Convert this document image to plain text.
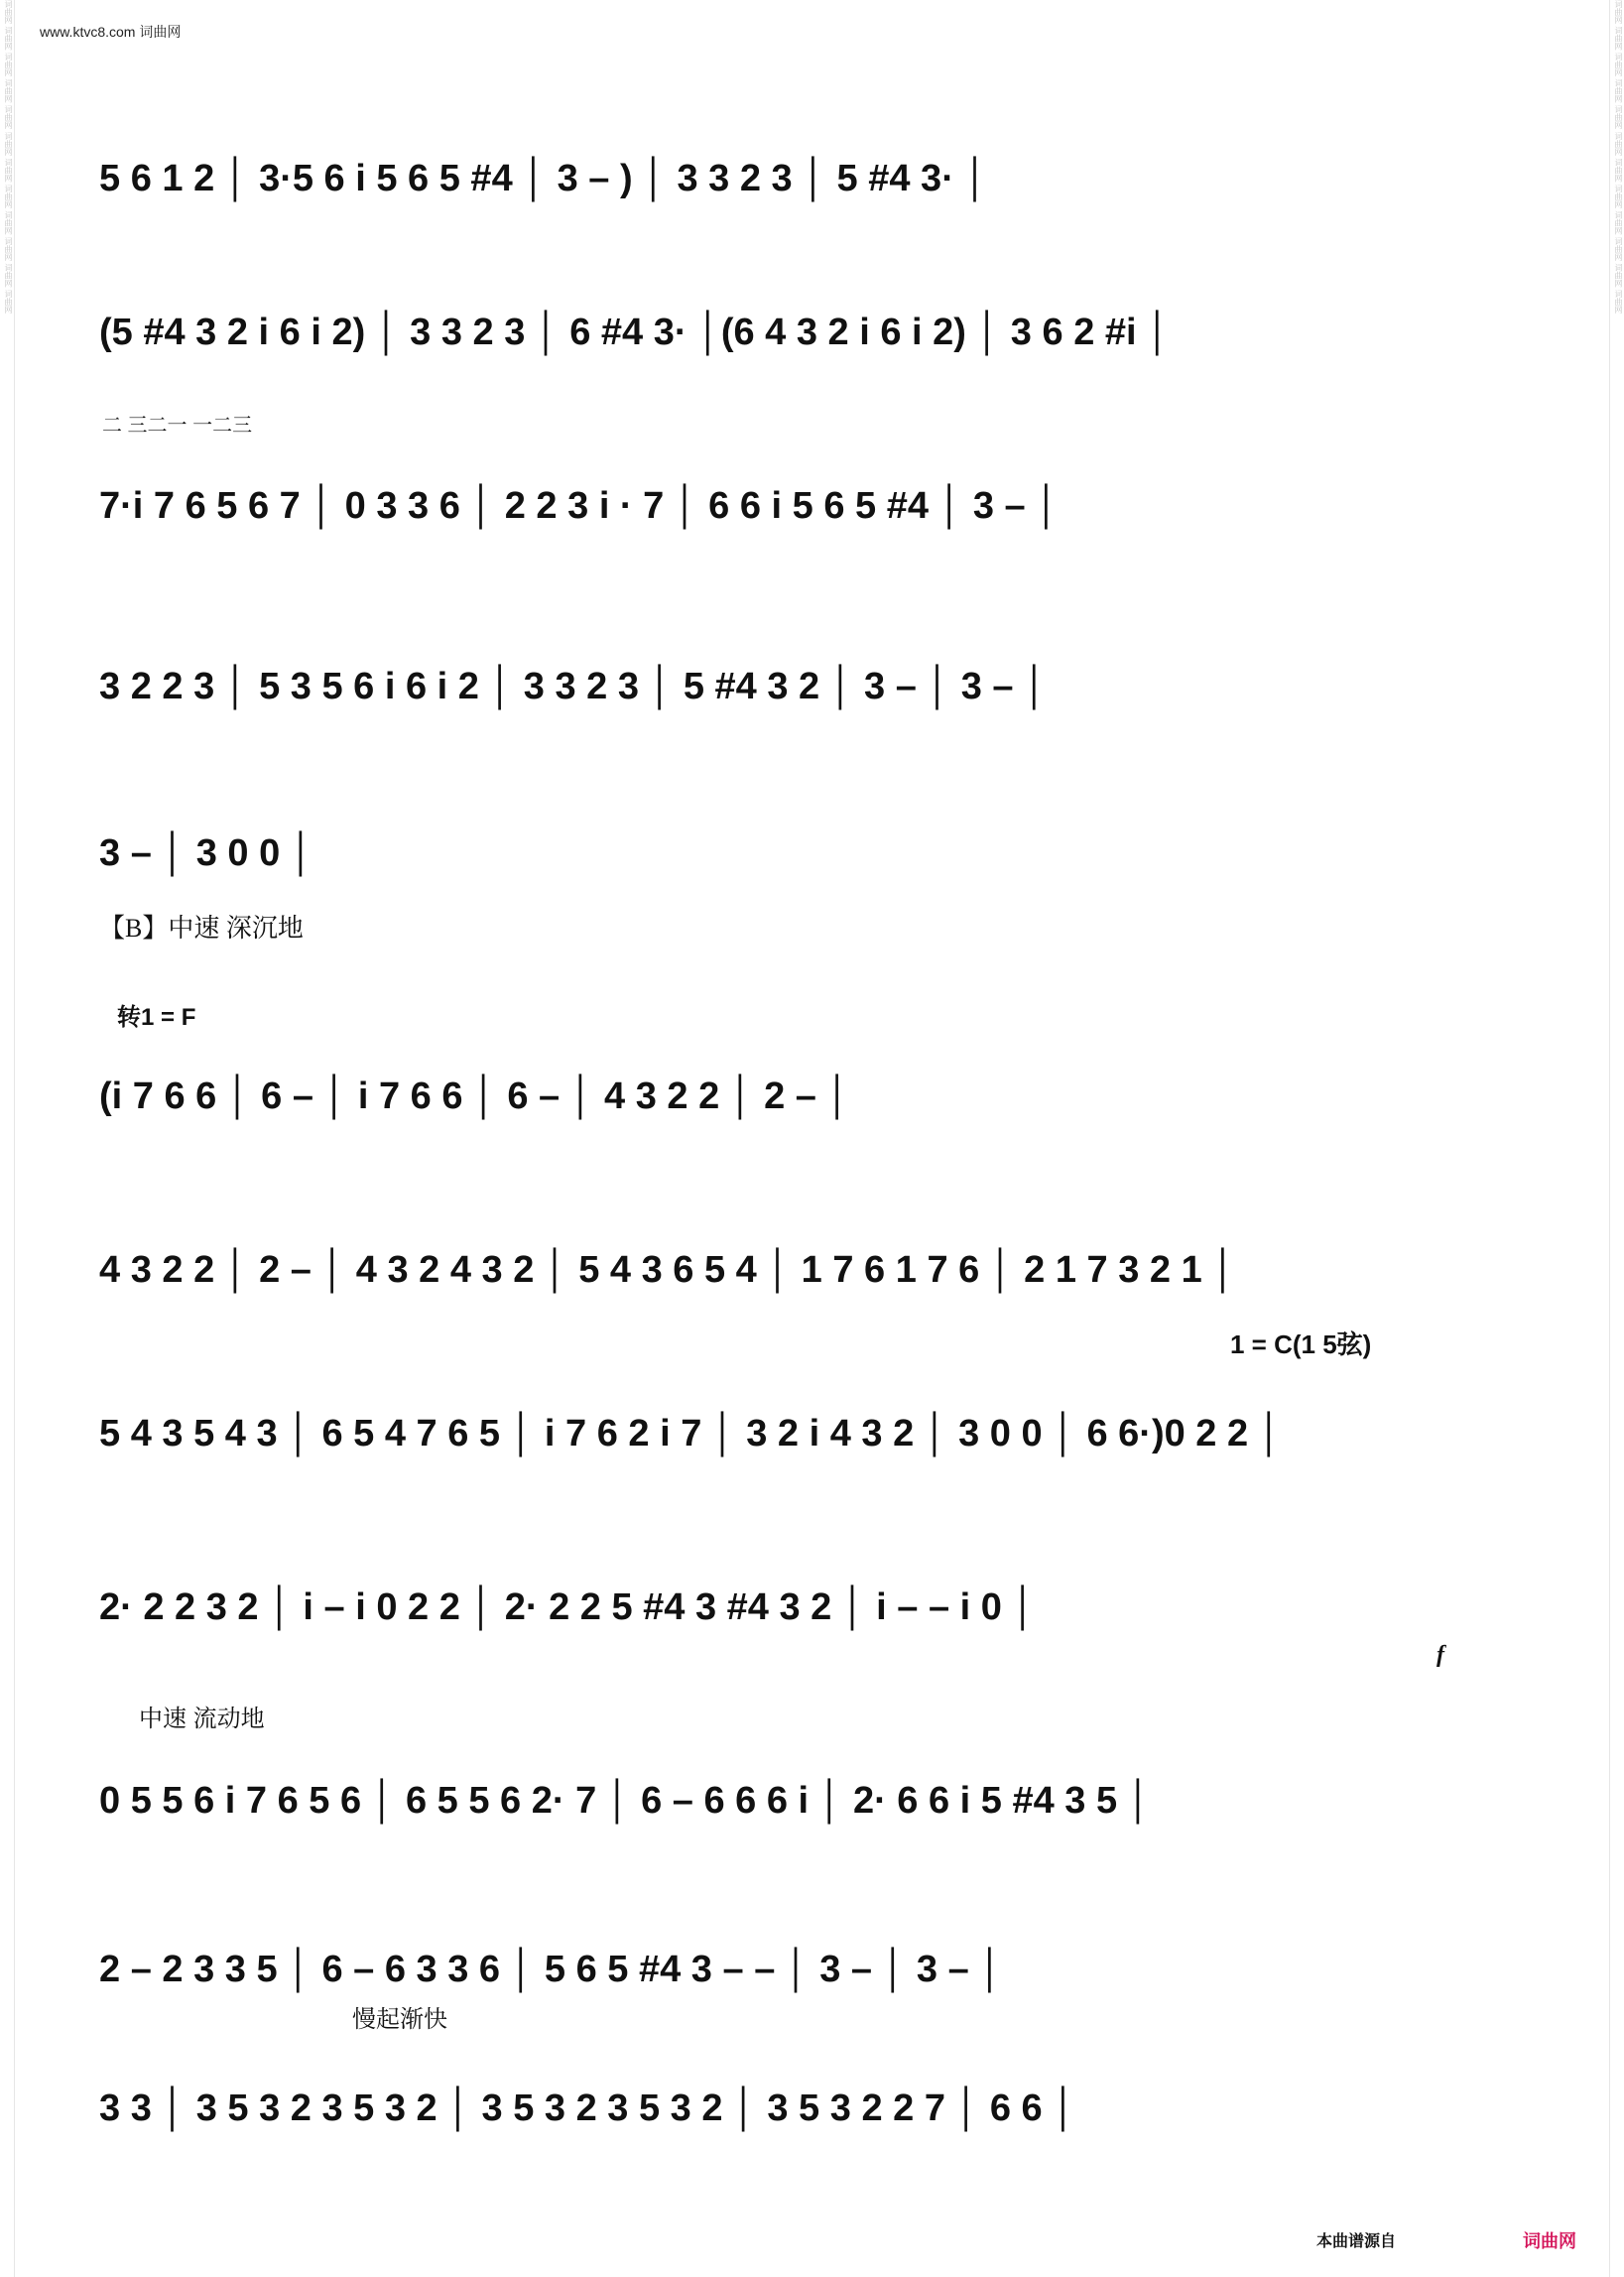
词曲网 词曲网 词曲网 词曲网 词曲网 词曲网 词曲网 词曲网 词曲网 词曲网 词曲网 词曲网	词曲网 词曲网 词曲网 词曲网 词曲网 词曲网 词曲网 词曲网 词曲网 词曲网 词曲网 词曲网
www.ktvc8.com 词曲网
5 6 1 2 │ 3·5 6 i 5 6 5 #4 │ 3 – ) │ 3 3 2 3 │ 5 #4 3· │
(5 #4 3 2 i 6 i 2) │ 3 3 2 3 │ 6 #4 3· │(6 4 3 2 i 6 i 2) │ 3 6 2 #i │
二 三二一 一二三
7·i 7 6 5 6 7 │ 0 3 3 6 │ 2 2 3 i · 7 │ 6 6 i 5 6 5 #4 │ 3 – │
3 2 2 3 │ 5 3 5 6 i 6 i 2 │ 3 3 2 3 │ 5 #4 3 2 │ 3 – │ 3 – │
3 – │ 3 0 0 │
【B】中速 深沉地
转1 = F
(i 7 6 6 │ 6 – │ i 7 6 6 │ 6 – │ 4 3 2 2 │ 2 – │
4 3 2 2 │ 2 – │ 4 3 2 4 3 2 │ 5 4 3 6 5 4 │ 1 7 6 1 7 6 │ 2 1 7 3 2 1 │
1 = C(1 5弦)
5 4 3 5 4 3 │ 6 5 4 7 6 5 │ i 7 6 2 i 7 │ 3 2 i 4 3 2 │ 3 0 0 │ 6 6·)0 2 2 │
2· 2 2 3 2 │ i – i 0 2 2 │ 2· 2 2 5 #4 3 #4 3 2 │ i – – i 0 │
f
中速 流动地
0 5 5 6 i 7 6 5 6 │ 6 5 5 6 2· 7 │ 6 – 6 6 6 i │ 2· 6 6 i 5 #4 3 5 │
2 – 2 3 3 5 │ 6 – 6 3 3 6 │ 5 6 5 #4 3 – – │ 3 – │ 3 – │
慢起渐快
3 3 │ 3 5 3 2 3 5 3 2 │ 3 5 3 2 3 5 3 2 │ 3 5 3 2 2 7 │ 6 6 │
本曲谱源自	词曲网
